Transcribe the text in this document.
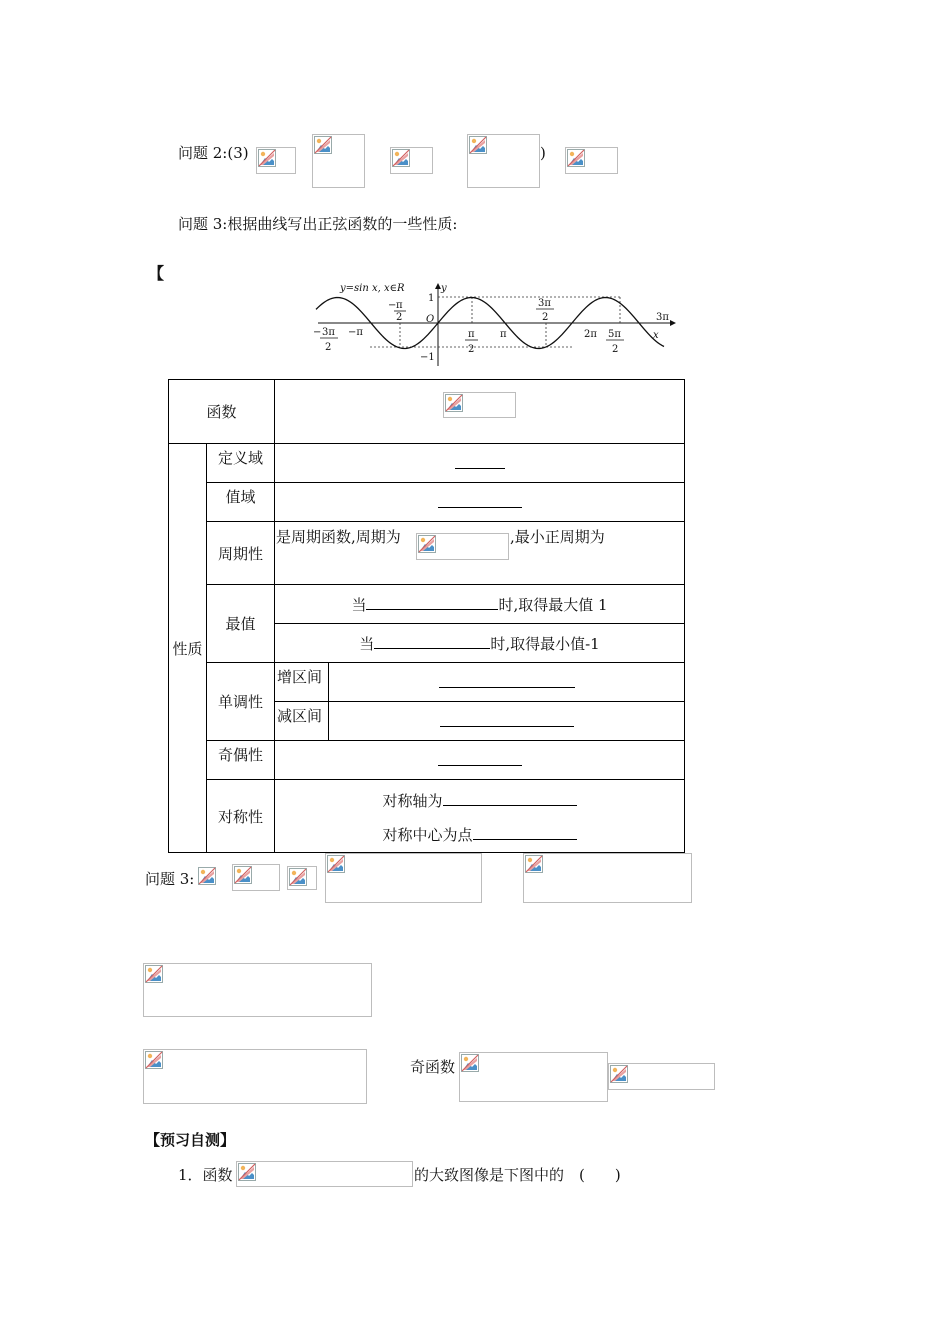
问题 2:(3)	)
问题 3:根据曲线写出正弦函数的一些性质:
【
y=sin x, x∈R	y
x
O
1
−1
− π
2
3π
2	3π
− 3π
2
−π	π
2
π	2π 5π
2
函数	

性质	定义域		
	值域		
	周期性	是周期函数,周期为 ,最小正周期为	

	最值	当 时,取得最大值 1	
		当 时,取得最小值-1	
	单调性	增区间	
		减区间	
	奇偶性		
	对称性	对称轴为
对称中心为点	
问题 3:
奇函数
【预习自测】
1．函数	的大致图像是下图中的　(　　)
